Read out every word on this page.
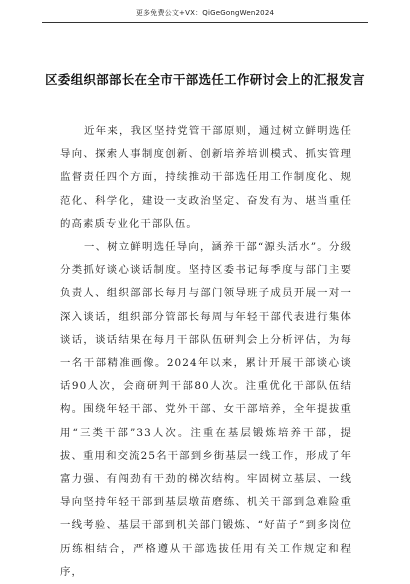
更多免费公文+VX：QiGeGongWen2024
区委组织部部长在全市干部选任工作研讨会上的汇报发言

近年来，我区坚持党管干部原则，通过树立鲜明选任导向、探索人事制度创新、创新培养培训模式、抓实管理监督责任四个方面，持续推动干部选任用工作制度化、规范化、科学化，建设一支政治坚定、奋发有为、堪当重任的高素质专业化干部队伍。

一、树立鲜明选任导向，涵养干部“源头活水”。分级分类抓好谈心谈话制度。坚持区委书记每季度与部门主要负责人、组织部部长每月与部门领导班子成员开展一对一深入谈话，组织部分管部长每周与年轻干部代表进行集体谈话，谈话结果在每月干部队伍研判会上分析评估，为每一名干部精准画像。2024年以来，累计开展干部谈心谈话90人次，会商研判干部80人次。注重优化干部队伍结构。围绕年轻干部、党外干部、女干部培养，全年提拔重用“三类干部”33人次。注重在基层锻炼培养干部，提拔、重用和交流25名干部到乡街基层一线工作，形成了年富力强、有闯劲有干劲的梯次结构。牢固树立基层、一线导向坚持年轻干部到基层墩苗磨练、机关干部到急难险重一线考验、基层干部到机关部门锻炼、“好苗子”到多岗位历练相结合，严格遵从干部选拔任用有关工作规定和程序，
